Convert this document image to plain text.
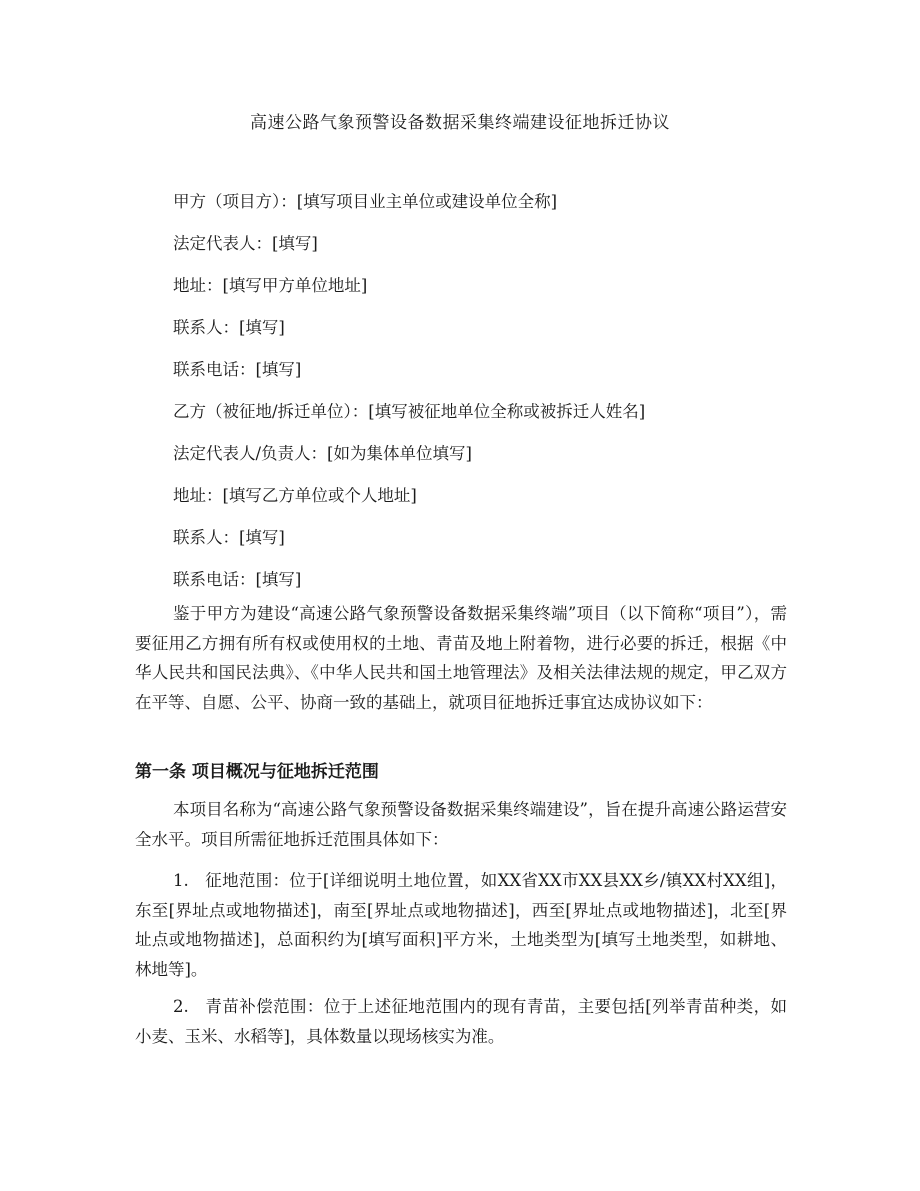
高速公路气象预警设备数据采集终端建设征地拆迁协议

甲方（项目方）：[填写项目业主单位或建设单位全称]

法定代表人：[填写]

地址：[填写甲方单位地址]

联系人：[填写]

联系电话：[填写]

乙方（被征地/拆迁单位）：[填写被征地单位全称或被拆迁人姓名]

法定代表人/负责人：[如为集体单位填写]

地址：[填写乙方单位或个人地址]

联系人：[填写]

联系电话：[填写]

鉴于甲方为建设“高速公路气象预警设备数据采集终端”项目（以下简称“项目”），需要征用乙方拥有所有权或使用权的土地、青苗及地上附着物，进行必要的拆迁，根据《中华人民共和国民法典》、《中华人民共和国土地管理法》及相关法律法规的规定，甲乙双方在平等、自愿、公平、协商一致的基础上，就项目征地拆迁事宜达成协议如下：

第一条 项目概况与征地拆迁范围

本项目名称为“高速公路气象预警设备数据采集终端建设”，旨在提升高速公路运营安全水平。项目所需征地拆迁范围具体如下：

1. 征地范围：位于[详细说明土地位置，如XX省XX市XX县XX乡/镇XX村XX组]，东至[界址点或地物描述]，南至[界址点或地物描述]，西至[界址点或地物描述]，北至[界址点或地物描述]，总面积约为[填写面积]平方米，土地类型为[填写土地类型，如耕地、林地等]。

2. 青苗补偿范围：位于上述征地范围内的现有青苗，主要包括[列举青苗种类，如小麦、玉米、水稻等]，具体数量以现场核实为准。
